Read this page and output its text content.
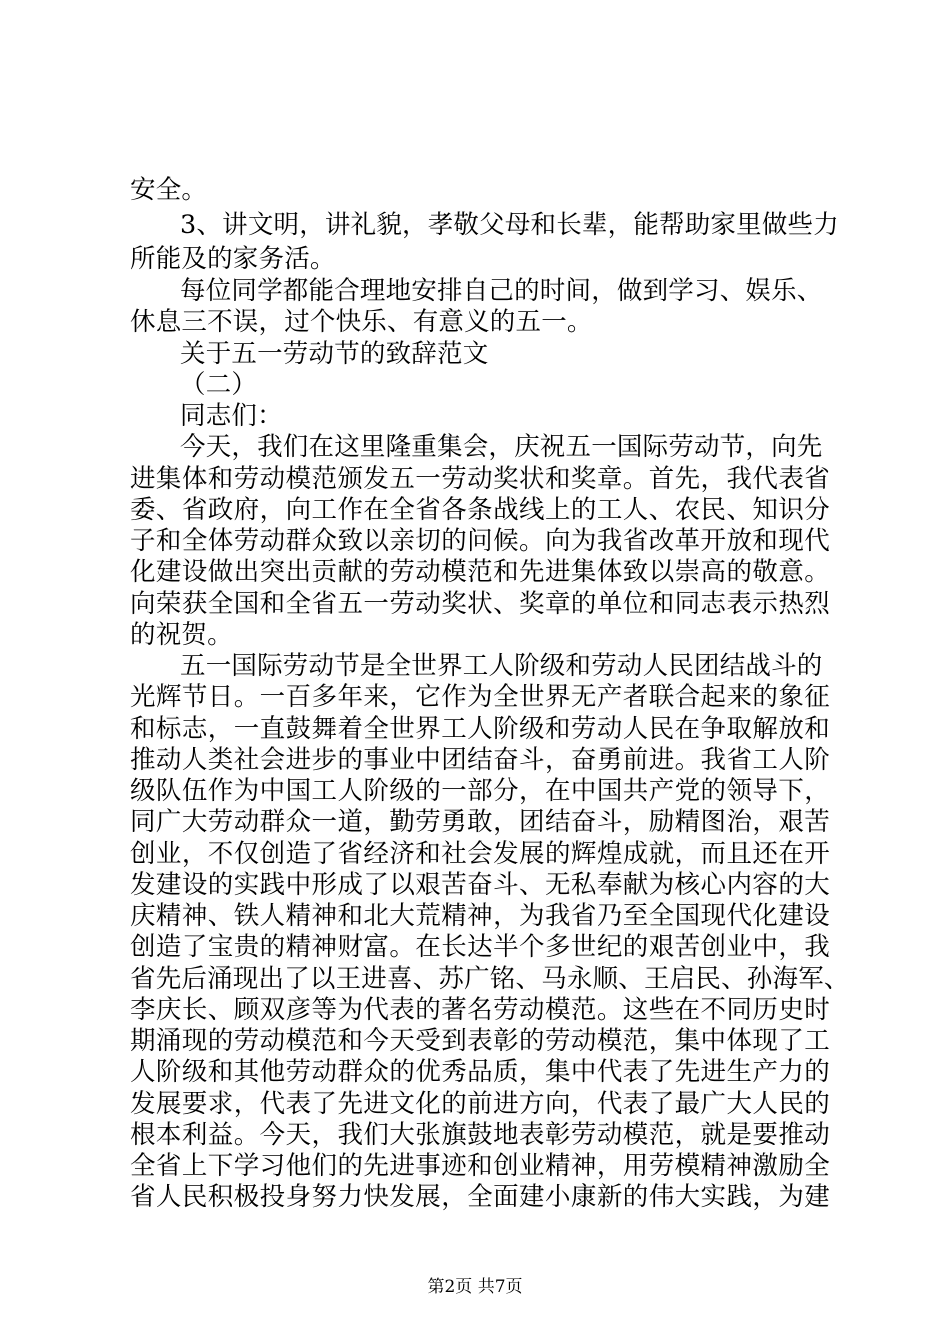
安全。
3、讲文明，讲礼貌，孝敬父母和长辈，能帮助家里做些力
所能及的家务活。
每位同学都能合理地安排自己的时间，做到学习、娱乐、
休息三不误，过个快乐、有意义的五一。
关于五一劳动节的致辞范文
（二）
同志们：
今天，我们在这里隆重集会，庆祝五一国际劳动节，向先
进集体和劳动模范颁发五一劳动奖状和奖章。首先，我代表省
委、省政府，向工作在全省各条战线上的工人、农民、知识分
子和全体劳动群众致以亲切的问候。向为我省改革开放和现代
化建设做出突出贡献的劳动模范和先进集体致以崇高的敬意。
向荣获全国和全省五一劳动奖状、奖章的单位和同志表示热烈
的祝贺。
五一国际劳动节是全世界工人阶级和劳动人民团结战斗的
光辉节日。一百多年来，它作为全世界无产者联合起来的象征
和标志，一直鼓舞着全世界工人阶级和劳动人民在争取解放和
推动人类社会进步的事业中团结奋斗，奋勇前进。我省工人阶
级队伍作为中国工人阶级的一部分，在中国共产党的领导下，
同广大劳动群众一道，勤劳勇敢，团结奋斗，励精图治，艰苦
创业，不仅创造了省经济和社会发展的辉煌成就，而且还在开
发建设的实践中形成了以艰苦奋斗、无私奉献为核心内容的大
庆精神、铁人精神和北大荒精神，为我省乃至全国现代化建设
创造了宝贵的精神财富。在长达半个多世纪的艰苦创业中，我
省先后涌现出了以王进喜、苏广铭、马永顺、王启民、孙海军、
李庆长、顾双彦等为代表的著名劳动模范。这些在不同历史时
期涌现的劳动模范和今天受到表彰的劳动模范，集中体现了工
人阶级和其他劳动群众的优秀品质，集中代表了先进生产力的
发展要求，代表了先进文化的前进方向，代表了最广大人民的
根本利益。今天，我们大张旗鼓地表彰劳动模范，就是要推动
全省上下学习他们的先进事迹和创业精神，用劳模精神激励全
省人民积极投身努力快发展，全面建小康新的伟大实践，为建
第2页 共7页
